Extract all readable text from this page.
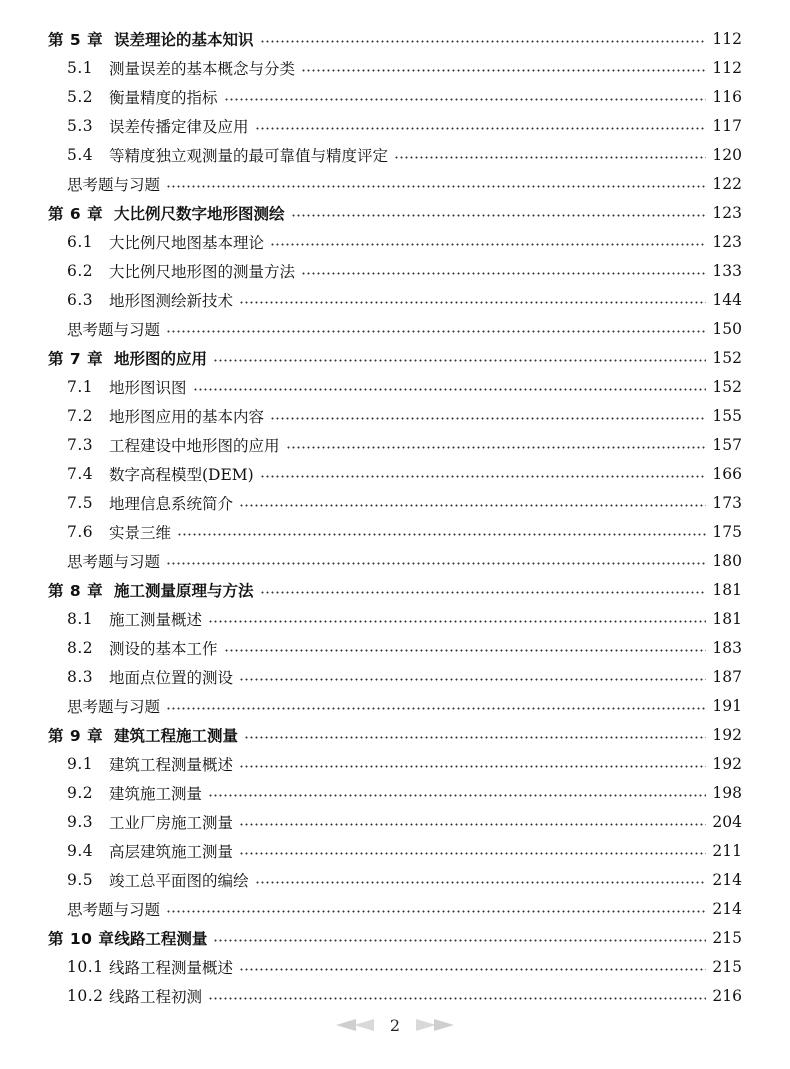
第 5 章 误差理论的基本知识	112
5.1	测量误差的基本概念与分类	112
5.2	衡量精度的指标	116
5.3	误差传播定律及应用	117
5.4	等精度独立观测量的最可靠值与精度评定	120
思考题与习题	122
第 6 章 大比例尺数字地形图测绘	123
6.1	大比例尺地图基本理论	123
6.2	大比例尺地形图的测量方法	133
6.3	地形图测绘新技术	144
思考题与习题	150
第 7 章 地形图的应用	152
7.1	地形图识图	152
7.2	地形图应用的基本内容	155
7.3	工程建设中地形图的应用	157
7.4	数字高程模型(DEM)	166
7.5	地理信息系统简介	173
7.6	实景三维	175
思考题与习题	180
第 8 章 施工测量原理与方法	181
8.1	施工测量概述	181
8.2	测设的基本工作	183
8.3	地面点位置的测设	187
思考题与习题	191
第 9 章 建筑工程施工测量	192
9.1	建筑工程测量概述	192
9.2	建筑施工测量	198
9.3	工业厂房施工测量	204
9.4	高层建筑施工测量	211
9.5	竣工总平面图的编绘	214
思考题与习题	214
第 10 章 线路工程测量	215
10.1 线路工程测量概述	215
10.2 线路工程初测	216
2
